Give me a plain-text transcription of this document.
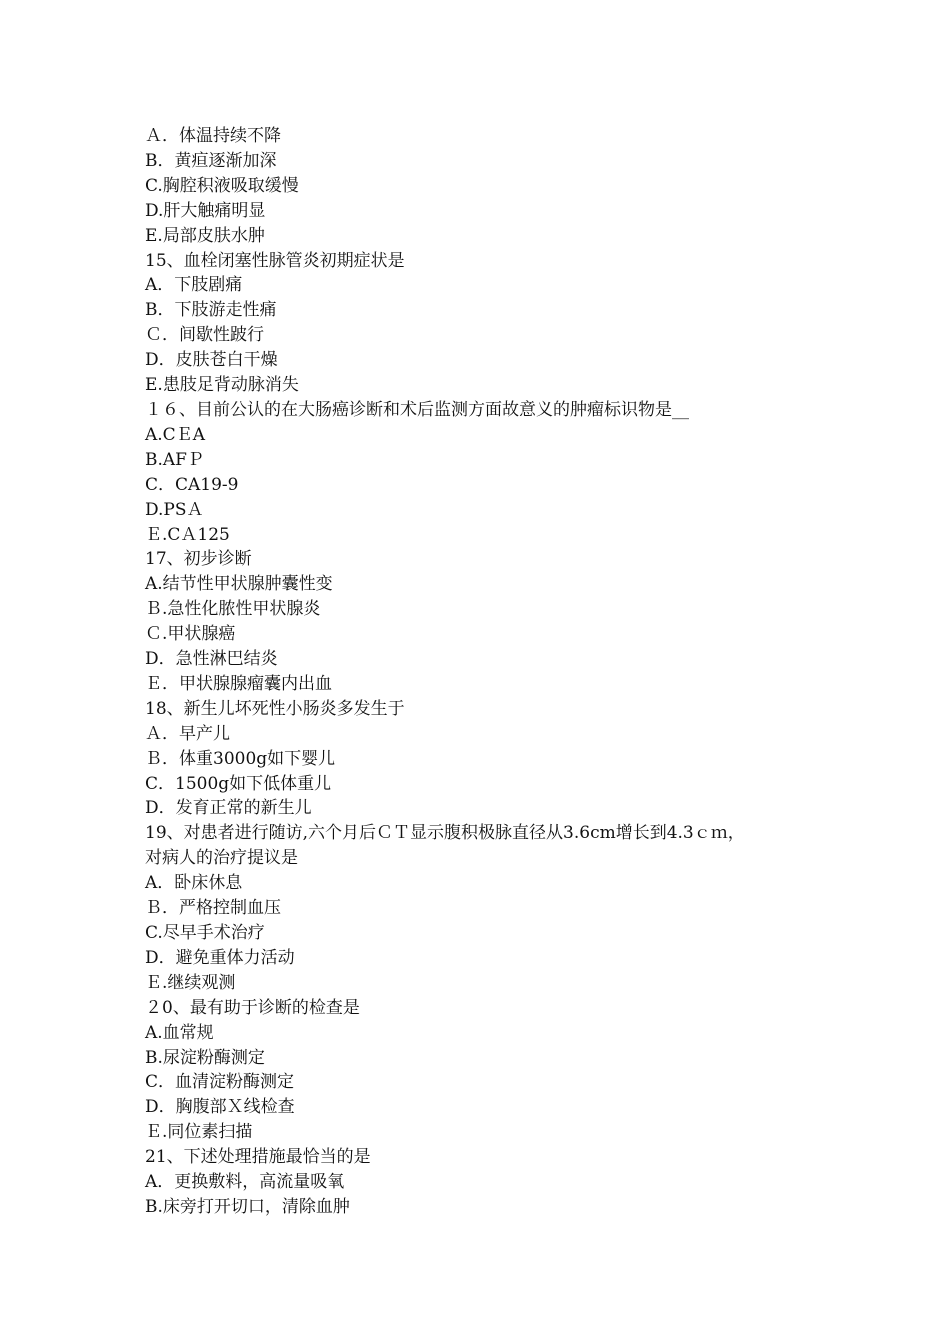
Ａ．体温持续不降

B．黄疸逐渐加深

C.胸腔积液吸取缓慢

D.肝大触痛明显

E.局部皮肤水肿

15、血栓闭塞性脉管炎初期症状是

A．下肢剧痛

B．下肢游走性痛

Ｃ．间歇性跛行

D．皮肤苍白干燥

E.患肢足背动脉消失

１６、目前公认的在大肠癌诊断和术后监测方面故意义的肿瘤标识物是__

A.CＥA

B.AFＰ

C．CA19-9

D.PSＡ

Ｅ.CＡ125

17、初步诊断

A.结节性甲状腺肿囊性变

Ｂ.急性化脓性甲状腺炎

Ｃ.甲状腺癌

D．急性淋巴结炎

Ｅ．甲状腺腺瘤囊内出血

18、新生儿坏死性小肠炎多发生于

Ａ．早产儿

Ｂ．体重3000g如下婴儿

C．1500g如下低体重儿

D．发育正常的新生儿

19、对患者进行随访,六个月后ＣＴ显示腹积极脉直径从3.6cm增长到4.3ｃｍ，

对病人的治疗提议是

A．卧床休息

Ｂ．严格控制血压

C.尽早手术治疗

D．避免重体力活动

Ｅ.继续观测

２0、最有助于诊断的检查是

A.血常规

B.尿淀粉酶测定

C．血清淀粉酶测定

D．胸腹部Ｘ线检查

Ｅ.同位素扫描

21、下述处理措施最恰当的是

A．更换敷料，高流量吸氧

B.床旁打开切口，清除血肿
